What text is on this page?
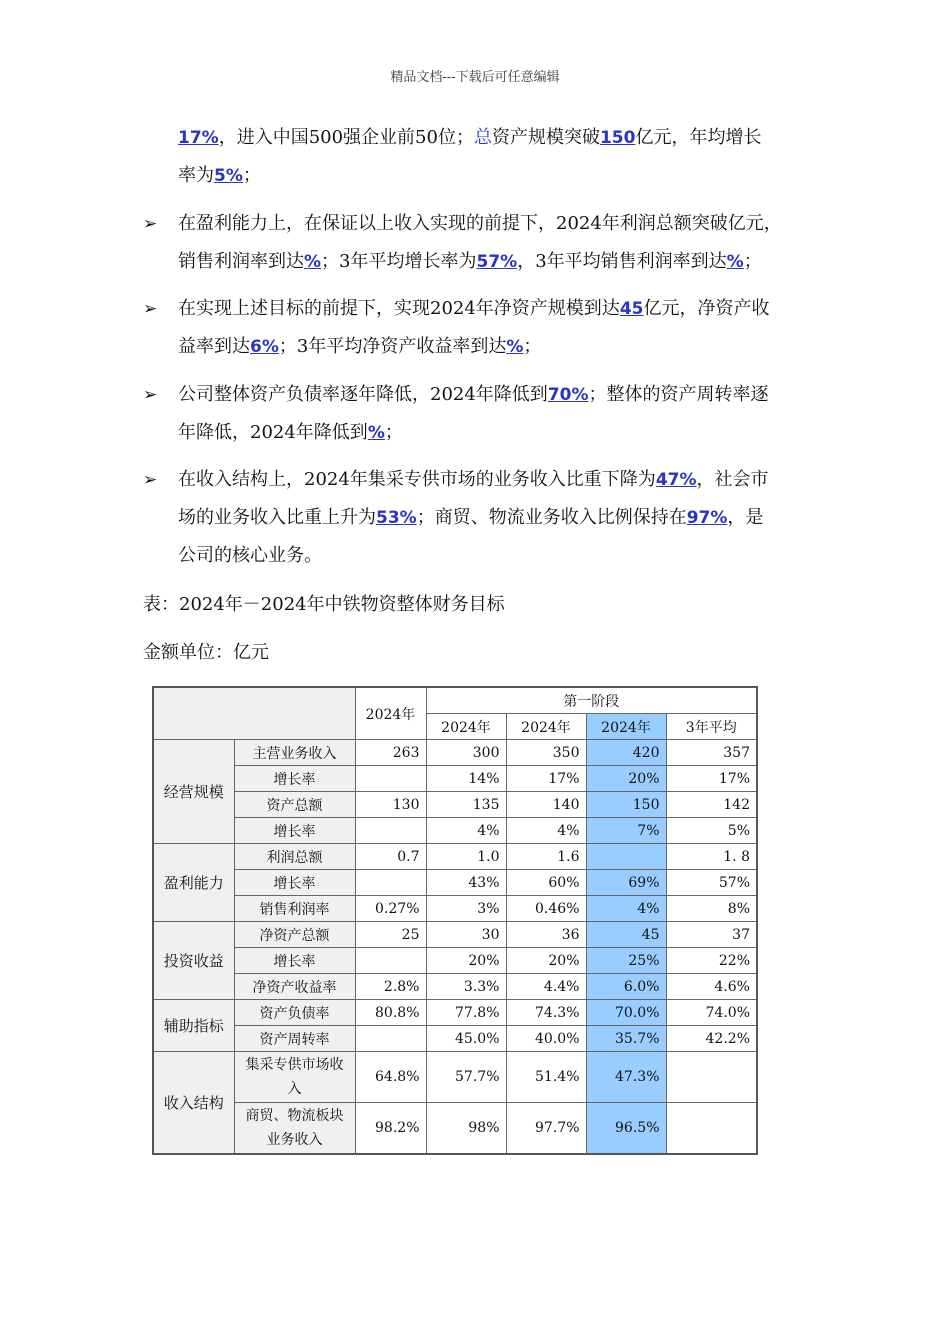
精品文档---下载后可任意编辑
17%，进入中国500强企业前50位；总资产规模突破150亿元，年均增长
率为5%；
➢ 在盈利能力上，在保证以上收入实现的前提下，2024年利润总额突破亿元，
销售利润率到达%；3年平均增长率为57%，3年平均销售利润率到达%；
➢ 在实现上述目标的前提下，实现2024年净资产规模到达45亿元，净资产收
益率到达6%；3年平均净资产收益率到达%；
➢ 公司整体资产负债率逐年降低，2024年降低到70%；整体的资产周转率逐
年降低，2024年降低到%；
➢ 在收入结构上，2024年集采专供市场的业务收入比重下降为47%，社会市
场的业务收入比重上升为53%；商贸、物流业务收入比例保持在97%，是
公司的核心业务。
表：2024年－2024年中铁物资整体财务目标
金额单位：亿元
		2024年	第一阶段			
			2024年	2024年	2024年	3年平均
经营规模	主营业务收入	263	300	350	420	357
	增长率		14%	17%	20%	17%
	资产总额	130	135	140	150	142
	增长率		4%	4%	7%	5%
盈利能力	利润总额	0.7	1.0	1.6		1. 8
	增长率		43%	60%	69%	57%
	销售利润率	0.27%	3%	0.46%	4%	8%
投资收益	净资产总额	25	30	36	45	37
	增长率		20%	20%	25%	22%
	净资产收益率	2.8%	3.3%	4.4%	6.0%	4.6%
辅助指标	资产负债率	80.8%	77.8%	74.3%	70.0%	74.0%
	资产周转率		45.0%	40.0%	35.7%	42.2%
收入结构	集采专供市场收入	64.8%	57.7%	51.4%	47.3%	
	商贸、物流板块业务收入	98.2%	98%	97.7%	96.5%	
